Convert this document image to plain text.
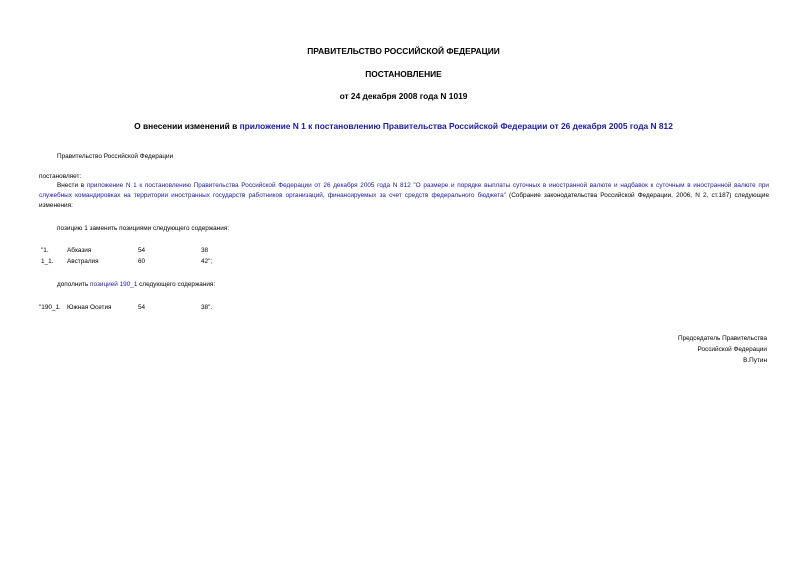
ПРАВИТЕЛЬСТВО РОССИЙСКОЙ ФЕДЕРАЦИИ
ПОСТАНОВЛЕНИЕ
от 24 декабря 2008 года N 1019
О внесении изменений в приложение N 1 к постановлению Правительства Российской Федерации от 26 декабря 2005 года N 812
Правительство Российской Федерации
постановляет:
Внести в приложение N 1 к постановлению Правительства Российской Федерации от 26 декабря 2005 года N 812 "О размере и порядке выплаты суточных в иностранной валюте и надбавок к суточным в иностранной валюте при служебных командировках на территории иностранных государств работников организаций, финансируемых за счет средств федерального бюджета" (Собрание законодательства Российской Федерации, 2006, N 2, ст.187) следующие изменения:
позицию 1 заменить позициями следующего содержания:
"1.	Абхазия	54	38
1_1. Австралия	60	42";
дополнить позицией 190_1 следующего содержания:
"190_1. Южная Осетия	54	38".
Председатель Правительства
Российской Федерации
В.Путин
